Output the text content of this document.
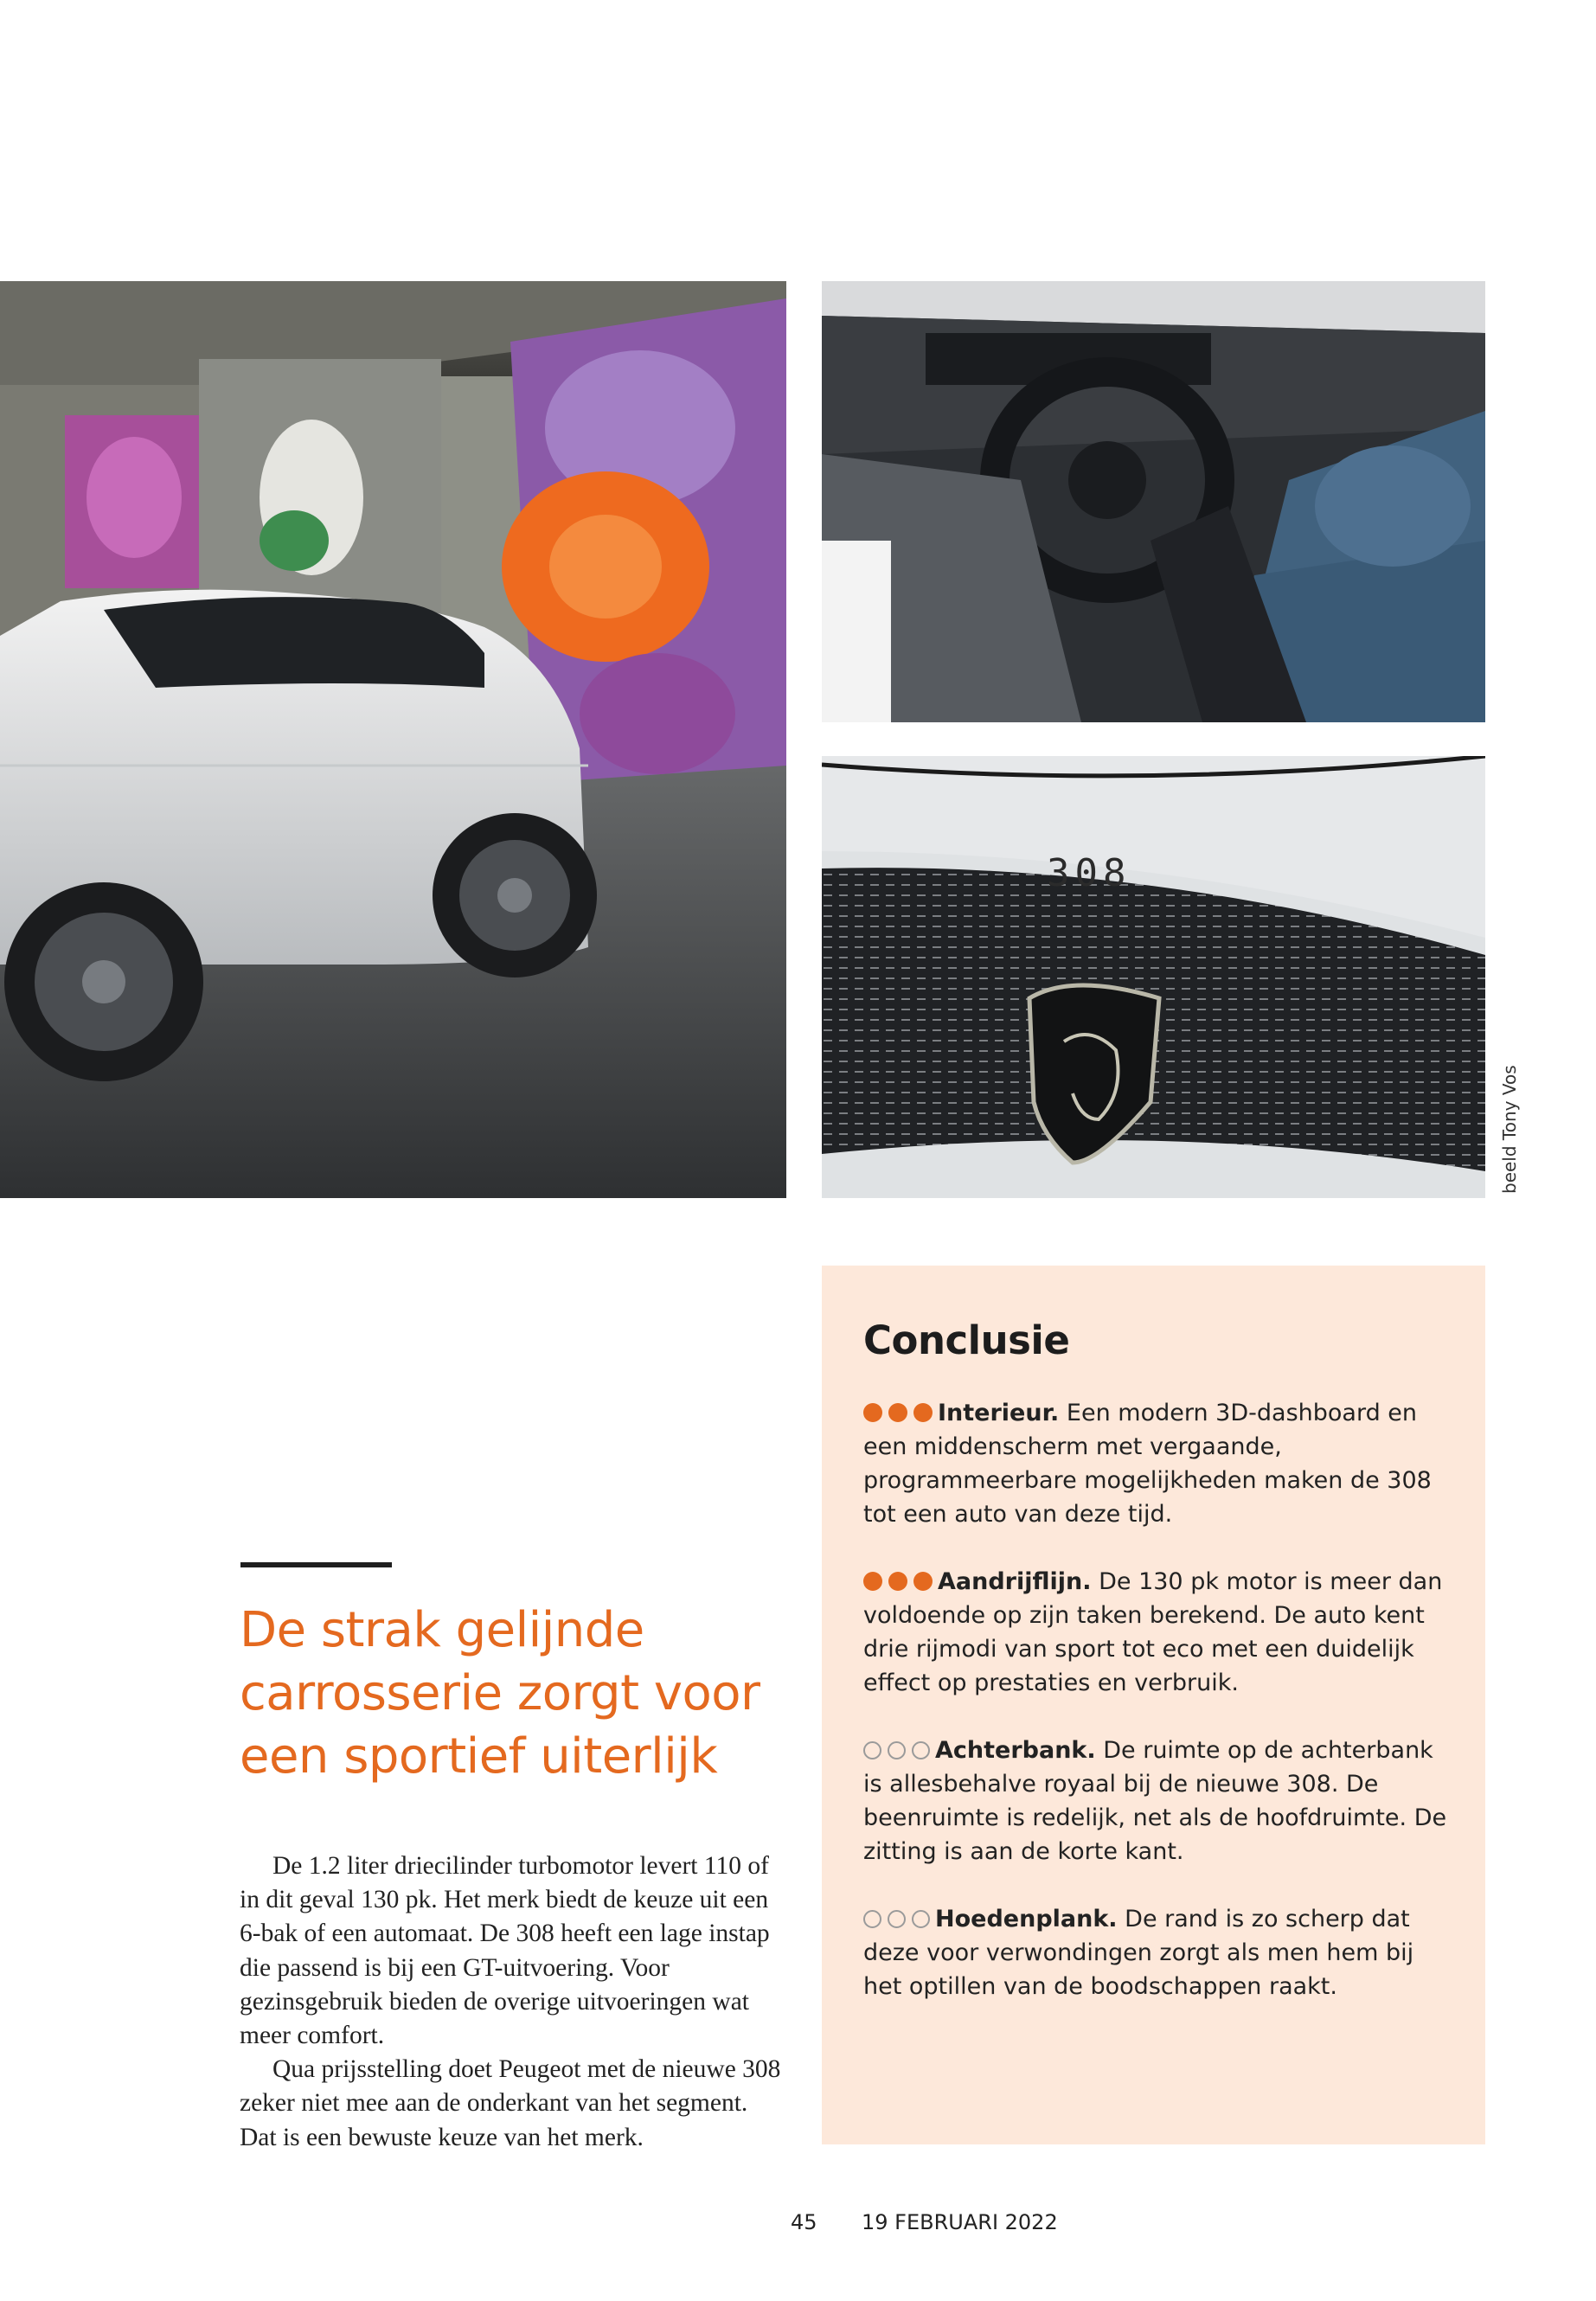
308
beeld Tony Vos
De strak gelijnde carrosserie zorgt voor een sportief uiterlijk

De 1.2 liter driecilinder turbomotor levert 110 of in dit geval 130 pk. Het merk biedt de keuze uit een 6-bak of een automaat. De 308 heeft een lage instap die passend is bij een GT-uitvoering. Voor gezinsgebruik bieden de overige uitvoeringen wat meer comfort.

Qua prijsstelling doet Peugeot met de nieuwe 308 zeker niet mee aan de onderkant van het segment. Dat is een bewuste keuze van het merk.

Conclusie

Interieur. Een modern 3D-dashboard en een middenscherm met vergaande, programmeerbare mogelijkheden maken de 308 tot een auto van deze tijd.

Aandrijflijn. De 130 pk motor is meer dan voldoende op zijn taken berekend. De auto kent drie rijmodi van sport tot eco met een duidelijk effect op prestaties en verbruik.

Achterbank. De ruimte op de achterbank is allesbehalve royaal bij de nieuwe 308. De beenruimte is redelijk, net als de hoofdruimte. De zitting is aan de korte kant.

Hoedenplank. De rand is zo scherp dat deze voor verwondingen zorgt als men hem bij het optillen van de boodschappen raakt.

45 19 FEBRUARI 2022
